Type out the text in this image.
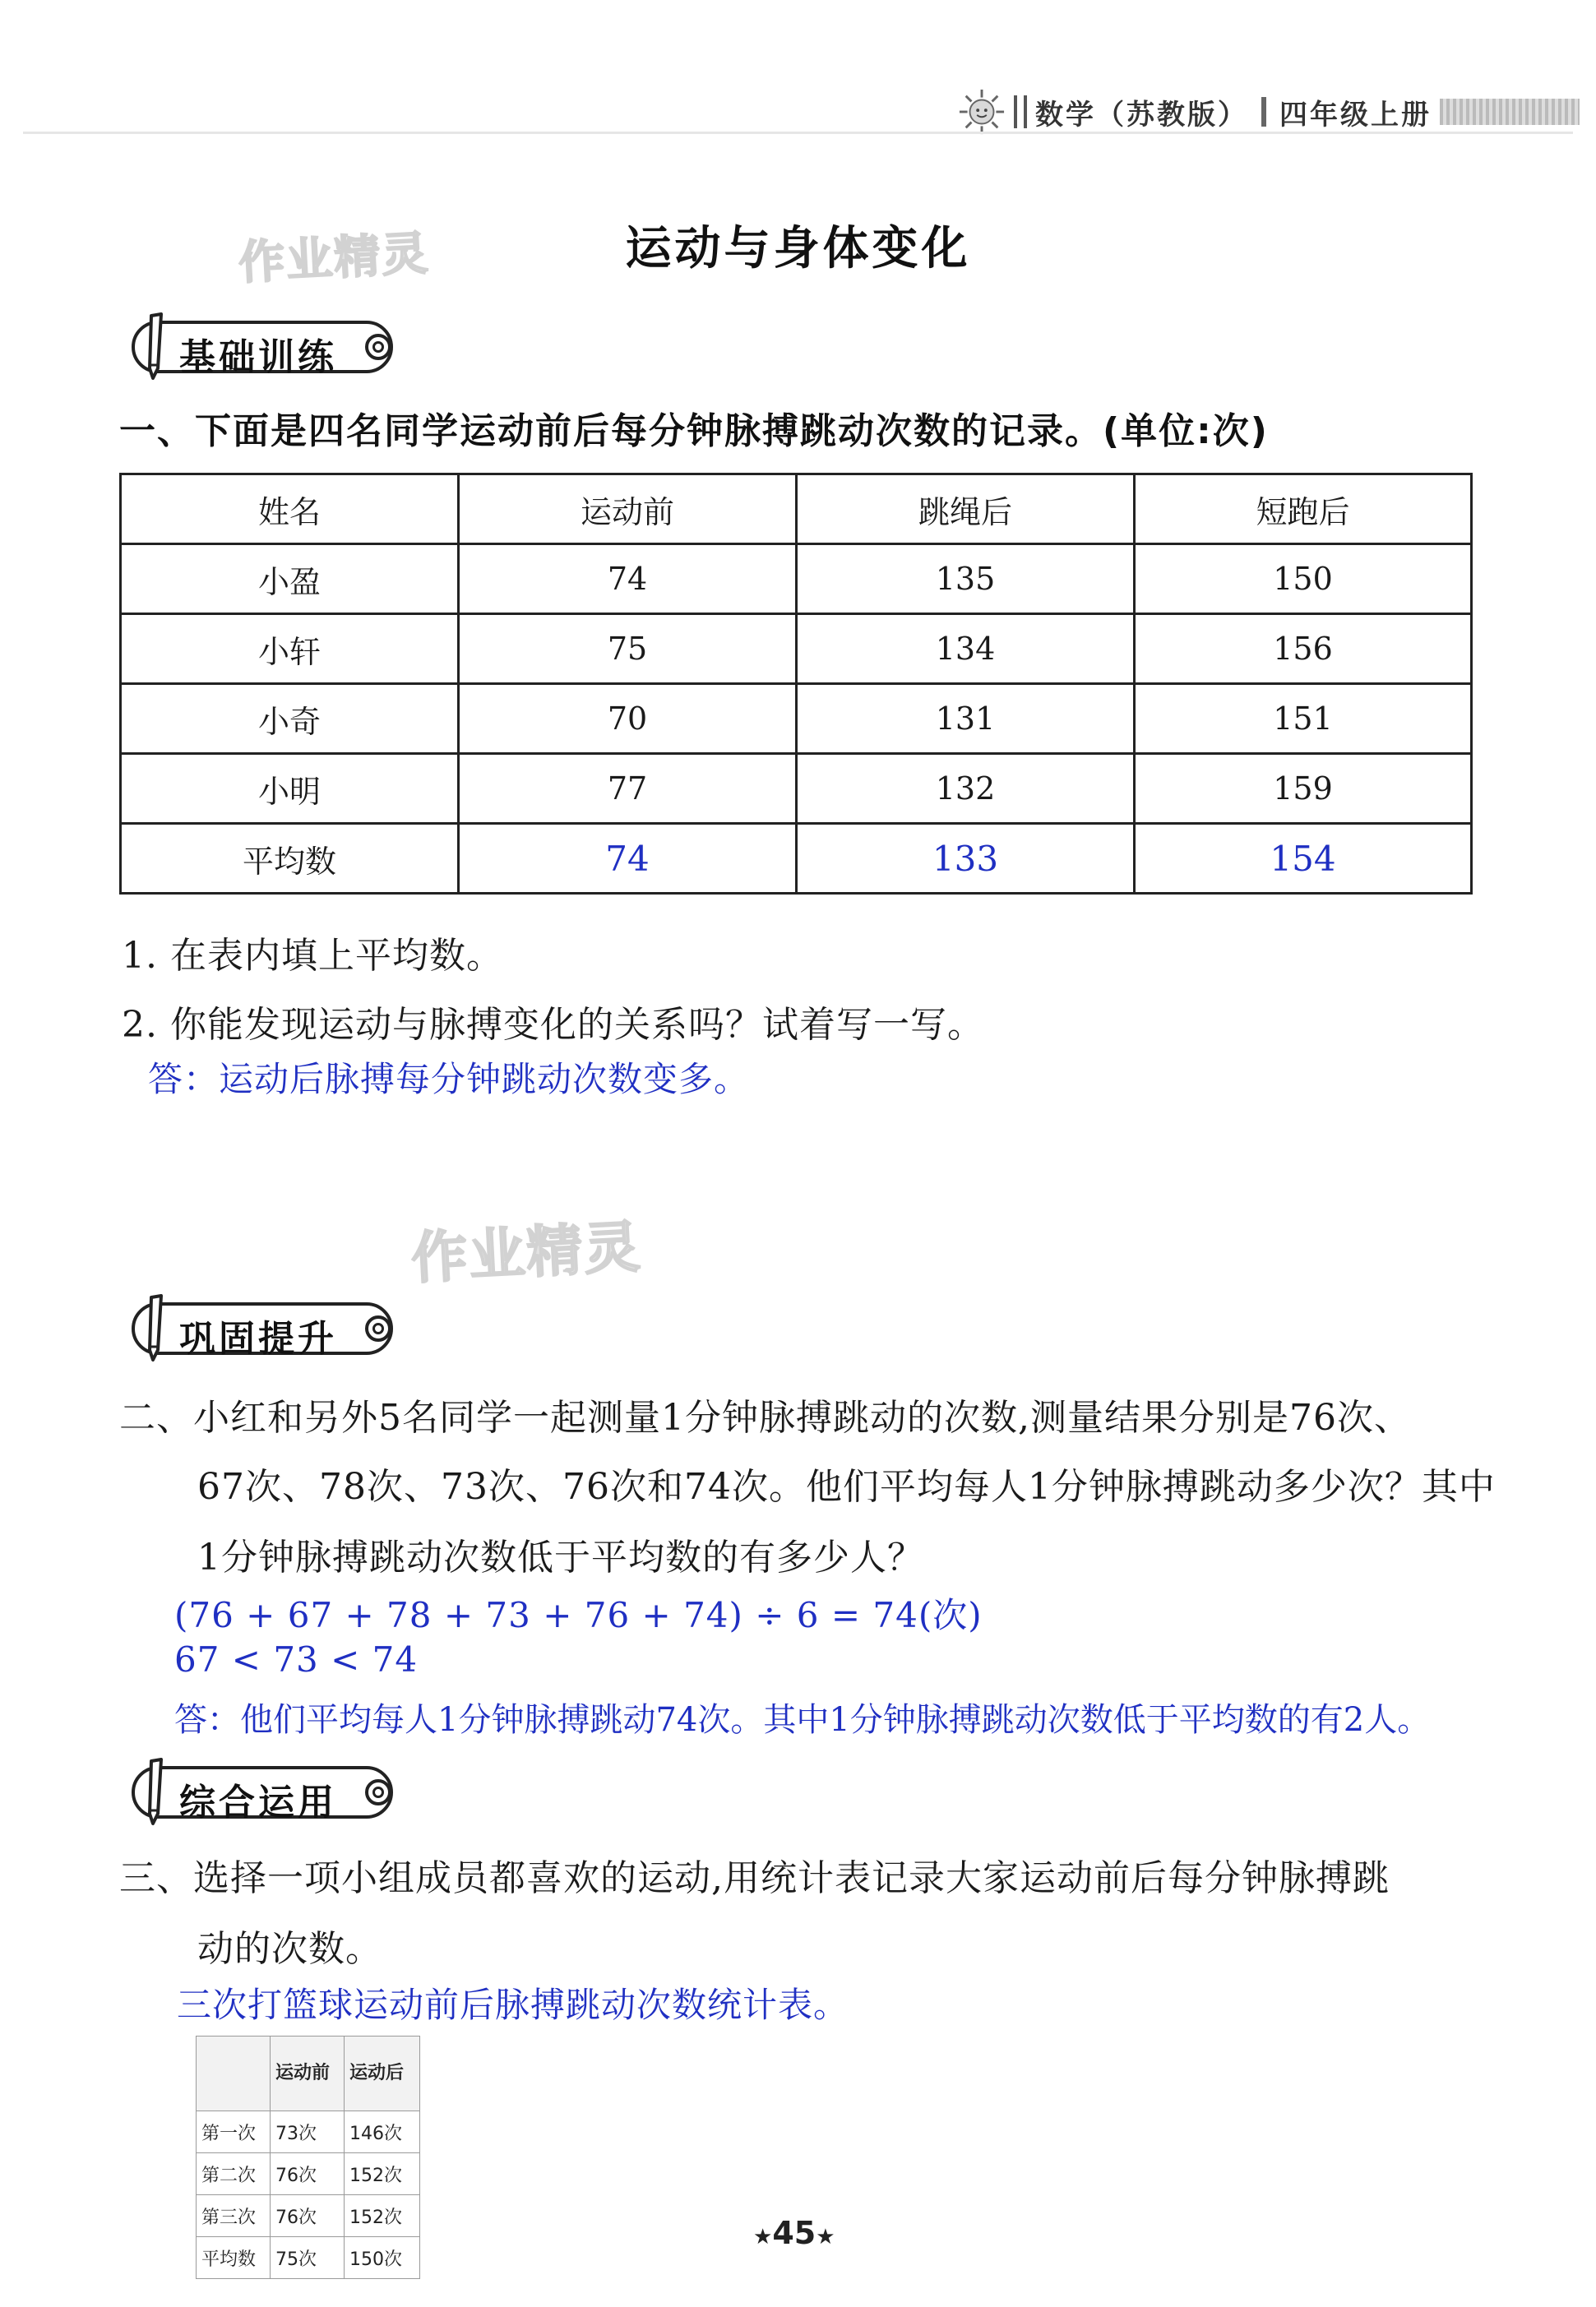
数学（苏教版） 四年级上册
运动与身体变化
作业精灵
作业精灵
基础训练
一、下面是四名同学运动前后每分钟脉搏跳动次数的记录。(单位:次)
姓名	运动前	跳绳后	短跑后
小盈	74	135	150
小轩	75	134	156
小奇	70	131	151
小明	77	132	159
平均数	74	133	154
1. 在表内填上平均数。
2. 你能发现运动与脉搏变化的关系吗？试着写一写。
答：运动后脉搏每分钟跳动次数变多。
巩固提升
二、小红和另外5名同学一起测量1分钟脉搏跳动的次数,测量结果分别是76次、
67次、78次、73次、76次和74次。他们平均每人1分钟脉搏跳动多少次？其中
1分钟脉搏跳动次数低于平均数的有多少人？
(76 + 67 + 78 + 73 + 76 + 74) ÷ 6 = 74(次)
67 < 73 < 74
答：他们平均每人1分钟脉搏跳动74次。其中1分钟脉搏跳动次数低于平均数的有2人。
综合运用
三、选择一项小组成员都喜欢的运动,用统计表记录大家运动前后每分钟脉搏跳
动的次数。
三次打篮球运动前后脉搏跳动次数统计表。
	运动前	运动后
第一次	73次	146次
第二次	76次	152次
第三次	76次	152次
平均数	75次	150次
★45★
